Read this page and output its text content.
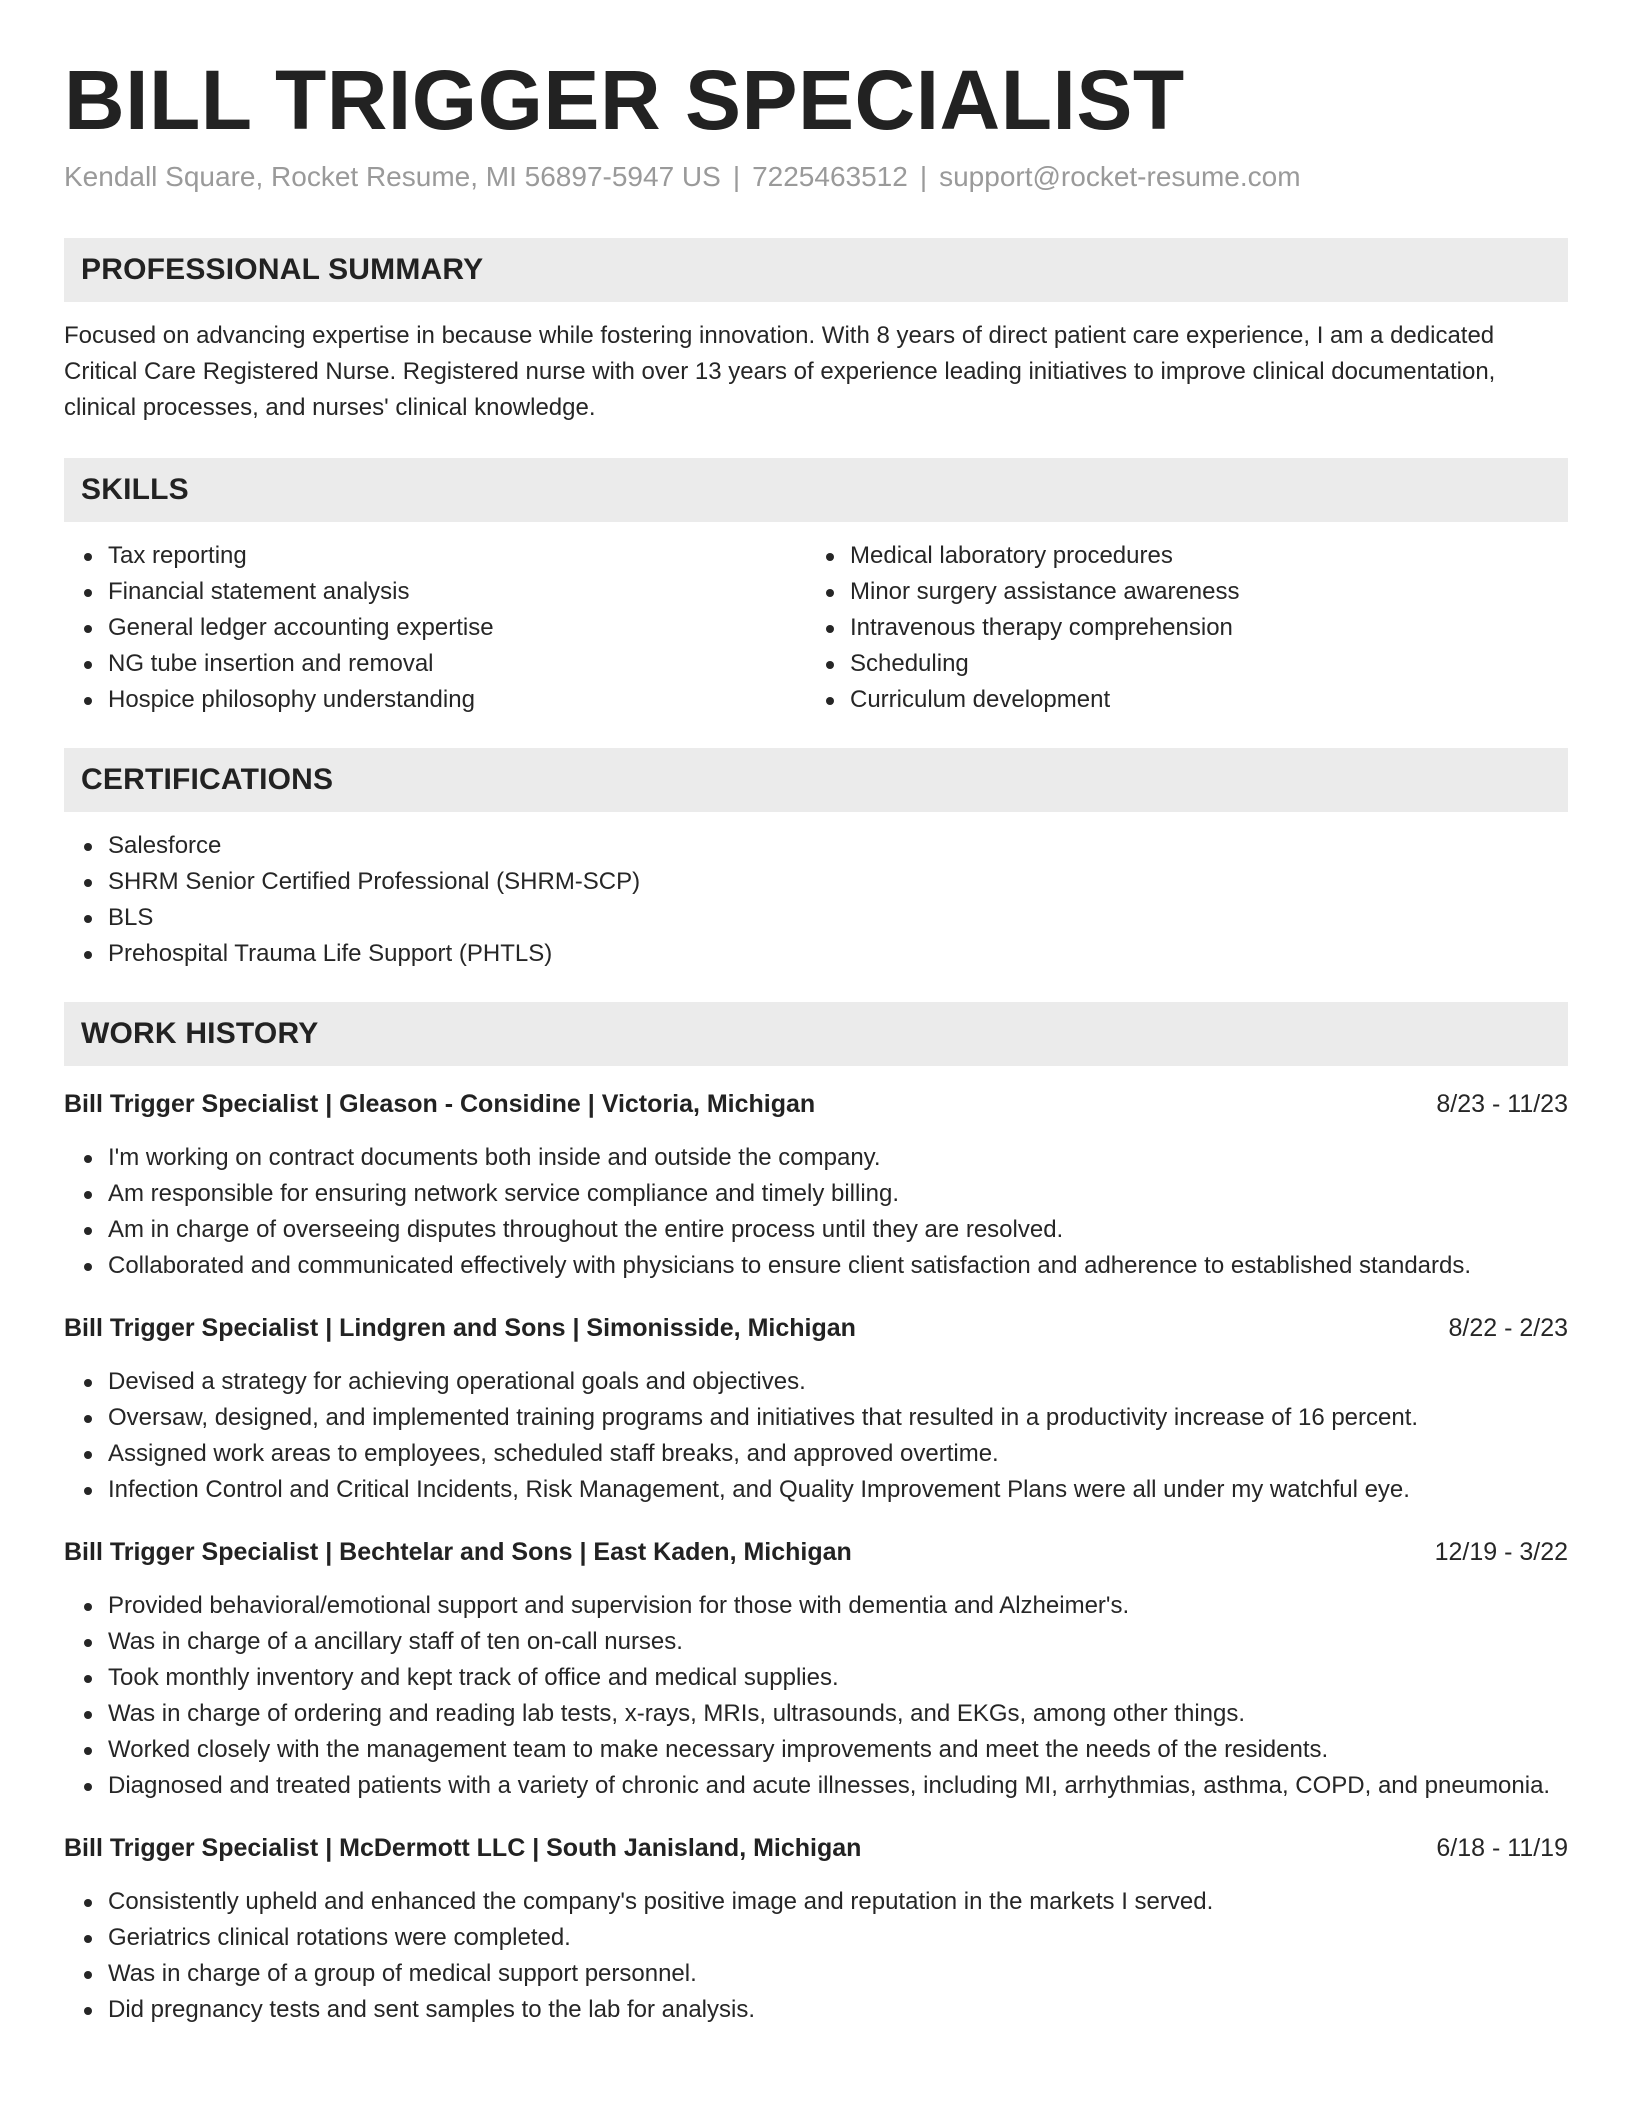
BILL TRIGGER SPECIALIST
Kendall Square, Rocket Resume, MI 56897-5947 US | 7225463512 | support@rocket-resume.com
PROFESSIONAL SUMMARY

Focused on advancing expertise in because while fostering innovation. With 8 years of direct patient care experience, I am a dedicated Critical Care Registered Nurse. Registered nurse with over 13 years of experience leading initiatives to improve clinical documentation, clinical processes, and nurses' clinical knowledge.

SKILLS
Tax reporting
Financial statement analysis
General ledger accounting expertise
NG tube insertion and removal
Hospice philosophy understanding
Medical laboratory procedures
Minor surgery assistance awareness
Intravenous therapy comprehension
Scheduling
Curriculum development
CERTIFICATIONS
Salesforce
SHRM Senior Certified Professional (SHRM-SCP)
BLS
Prehospital Trauma Life Support (PHTLS)
WORK HISTORY
Bill Trigger Specialist | Gleason - Considine | Victoria, Michigan	8/23 - 11/23
I'm working on contract documents both inside and outside the company.
Am responsible for ensuring network service compliance and timely billing.
Am in charge of overseeing disputes throughout the entire process until they are resolved.
Collaborated and communicated effectively with physicians to ensure client satisfaction and adherence to established standards.
Bill Trigger Specialist | Lindgren and Sons | Simonisside, Michigan	8/22 - 2/23
Devised a strategy for achieving operational goals and objectives.
Oversaw, designed, and implemented training programs and initiatives that resulted in a productivity increase of 16 percent.
Assigned work areas to employees, scheduled staff breaks, and approved overtime.
Infection Control and Critical Incidents, Risk Management, and Quality Improvement Plans were all under my watchful eye.
Bill Trigger Specialist | Bechtelar and Sons | East Kaden, Michigan	12/19 - 3/22
Provided behavioral/emotional support and supervision for those with dementia and Alzheimer's.
Was in charge of a ancillary staff of ten on-call nurses.
Took monthly inventory and kept track of office and medical supplies.
Was in charge of ordering and reading lab tests, x-rays, MRIs, ultrasounds, and EKGs, among other things.
Worked closely with the management team to make necessary improvements and meet the needs of the residents.
Diagnosed and treated patients with a variety of chronic and acute illnesses, including MI, arrhythmias, asthma, COPD, and pneumonia.
Bill Trigger Specialist | McDermott LLC | South Janisland, Michigan	6/18 - 11/19
Consistently upheld and enhanced the company's positive image and reputation in the markets I served.
Geriatrics clinical rotations were completed.
Was in charge of a group of medical support personnel.
Did pregnancy tests and sent samples to the lab for analysis.
